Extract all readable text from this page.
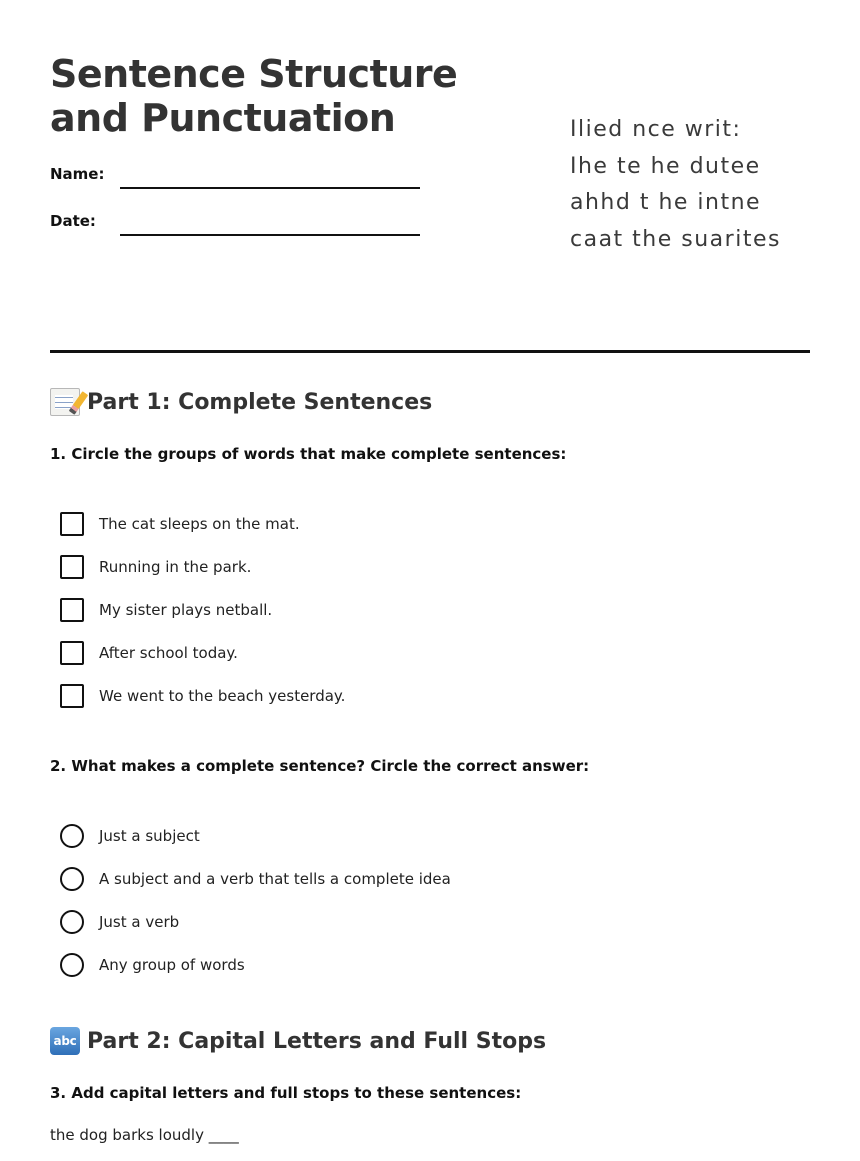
Sentence Structure and Punctuation
Name:
Date:
Ilied nce writ:
Ihe te he dutee
ahhd t he intne
caat the suarites
Part 1: Complete Sentences
1. Circle the groups of words that make complete sentences:
The cat sleeps on the mat.
Running in the park.
My sister plays netball.
After school today.
We went to the beach yesterday.
2. What makes a complete sentence? Circle the correct answer:
Just a subject
A subject and a verb that tells a complete idea
Just a verb
Any group of words
abc Part 2: Capital Letters and Full Stops
3. Add capital letters and full stops to these sentences:
the dog barks loudly ____
